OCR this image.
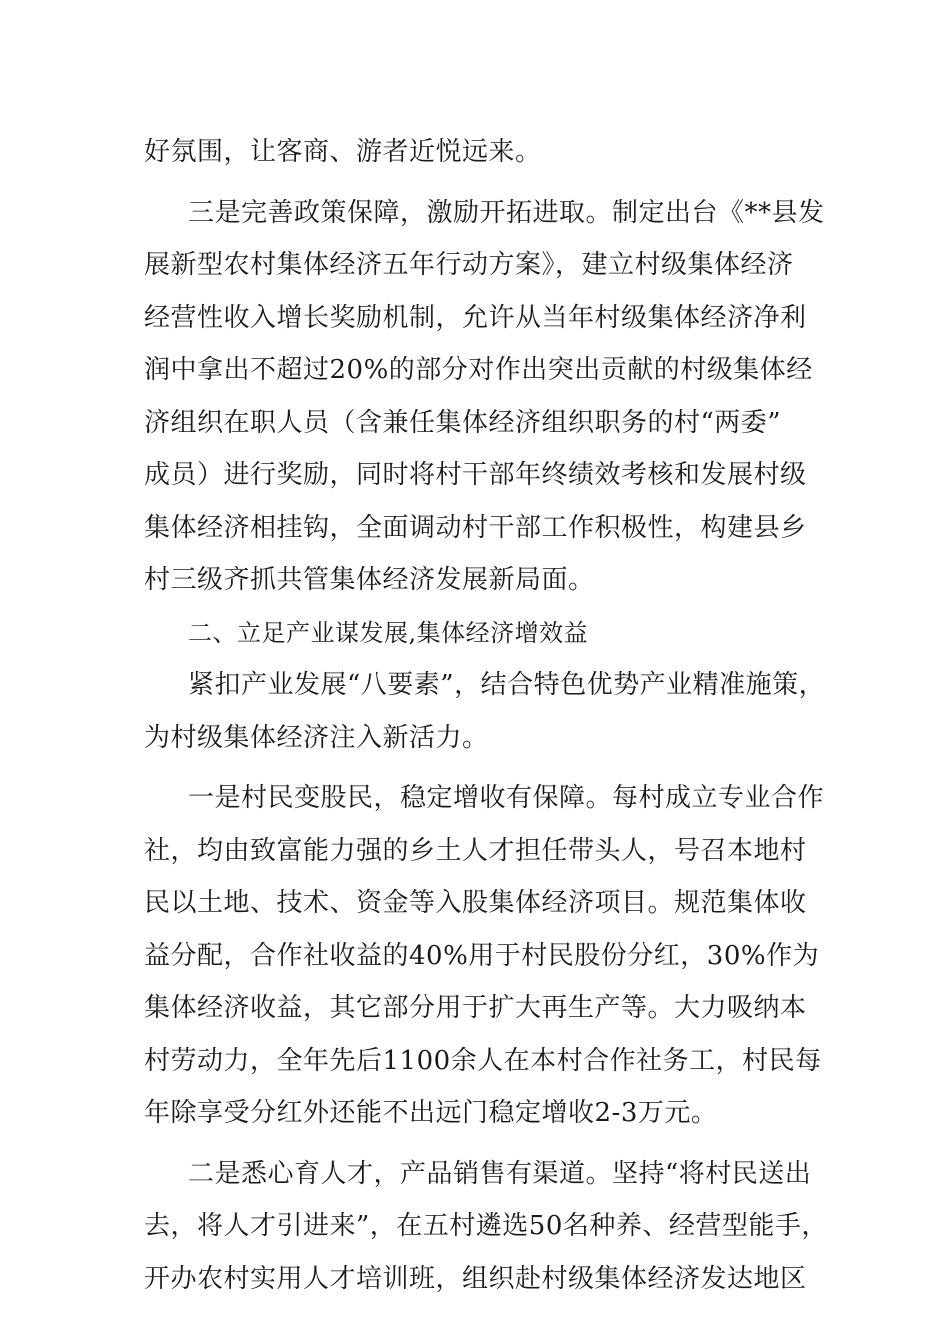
好氛围，让客商、游者近悦远来。
三是完善政策保障，激励开拓进取。制定出台《**县发
展新型农村集体经济五年行动方案》，建立村级集体经济
经营性收入增长奖励机制，允许从当年村级集体经济净利
润中拿出不超过20%的部分对作出突出贡献的村级集体经
济组织在职人员（含兼任集体经济组织职务的村“两委”
成员）进行奖励，同时将村干部年终绩效考核和发展村级
集体经济相挂钩，全面调动村干部工作积极性，构建县乡
村三级齐抓共管集体经济发展新局面。
二、立足产业谋发展,集体经济增效益
紧扣产业发展“八要素”，结合特色优势产业精准施策，
为村级集体经济注入新活力。
一是村民变股民，稳定增收有保障。每村成立专业合作
社，均由致富能力强的乡土人才担任带头人，号召本地村
民以土地、技术、资金等入股集体经济项目。规范集体收
益分配，合作社收益的40%用于村民股份分红，30%作为
集体经济收益，其它部分用于扩大再生产等。大力吸纳本
村劳动力，全年先后1100余人在本村合作社务工，村民每
年除享受分红外还能不出远门稳定增收2-3万元。
二是悉心育人才，产品销售有渠道。坚持“将村民送出
去，将人才引进来”，在五村遴选50名种养、经营型能手，
开办农村实用人才培训班，组织赴村级集体经济发达地区
